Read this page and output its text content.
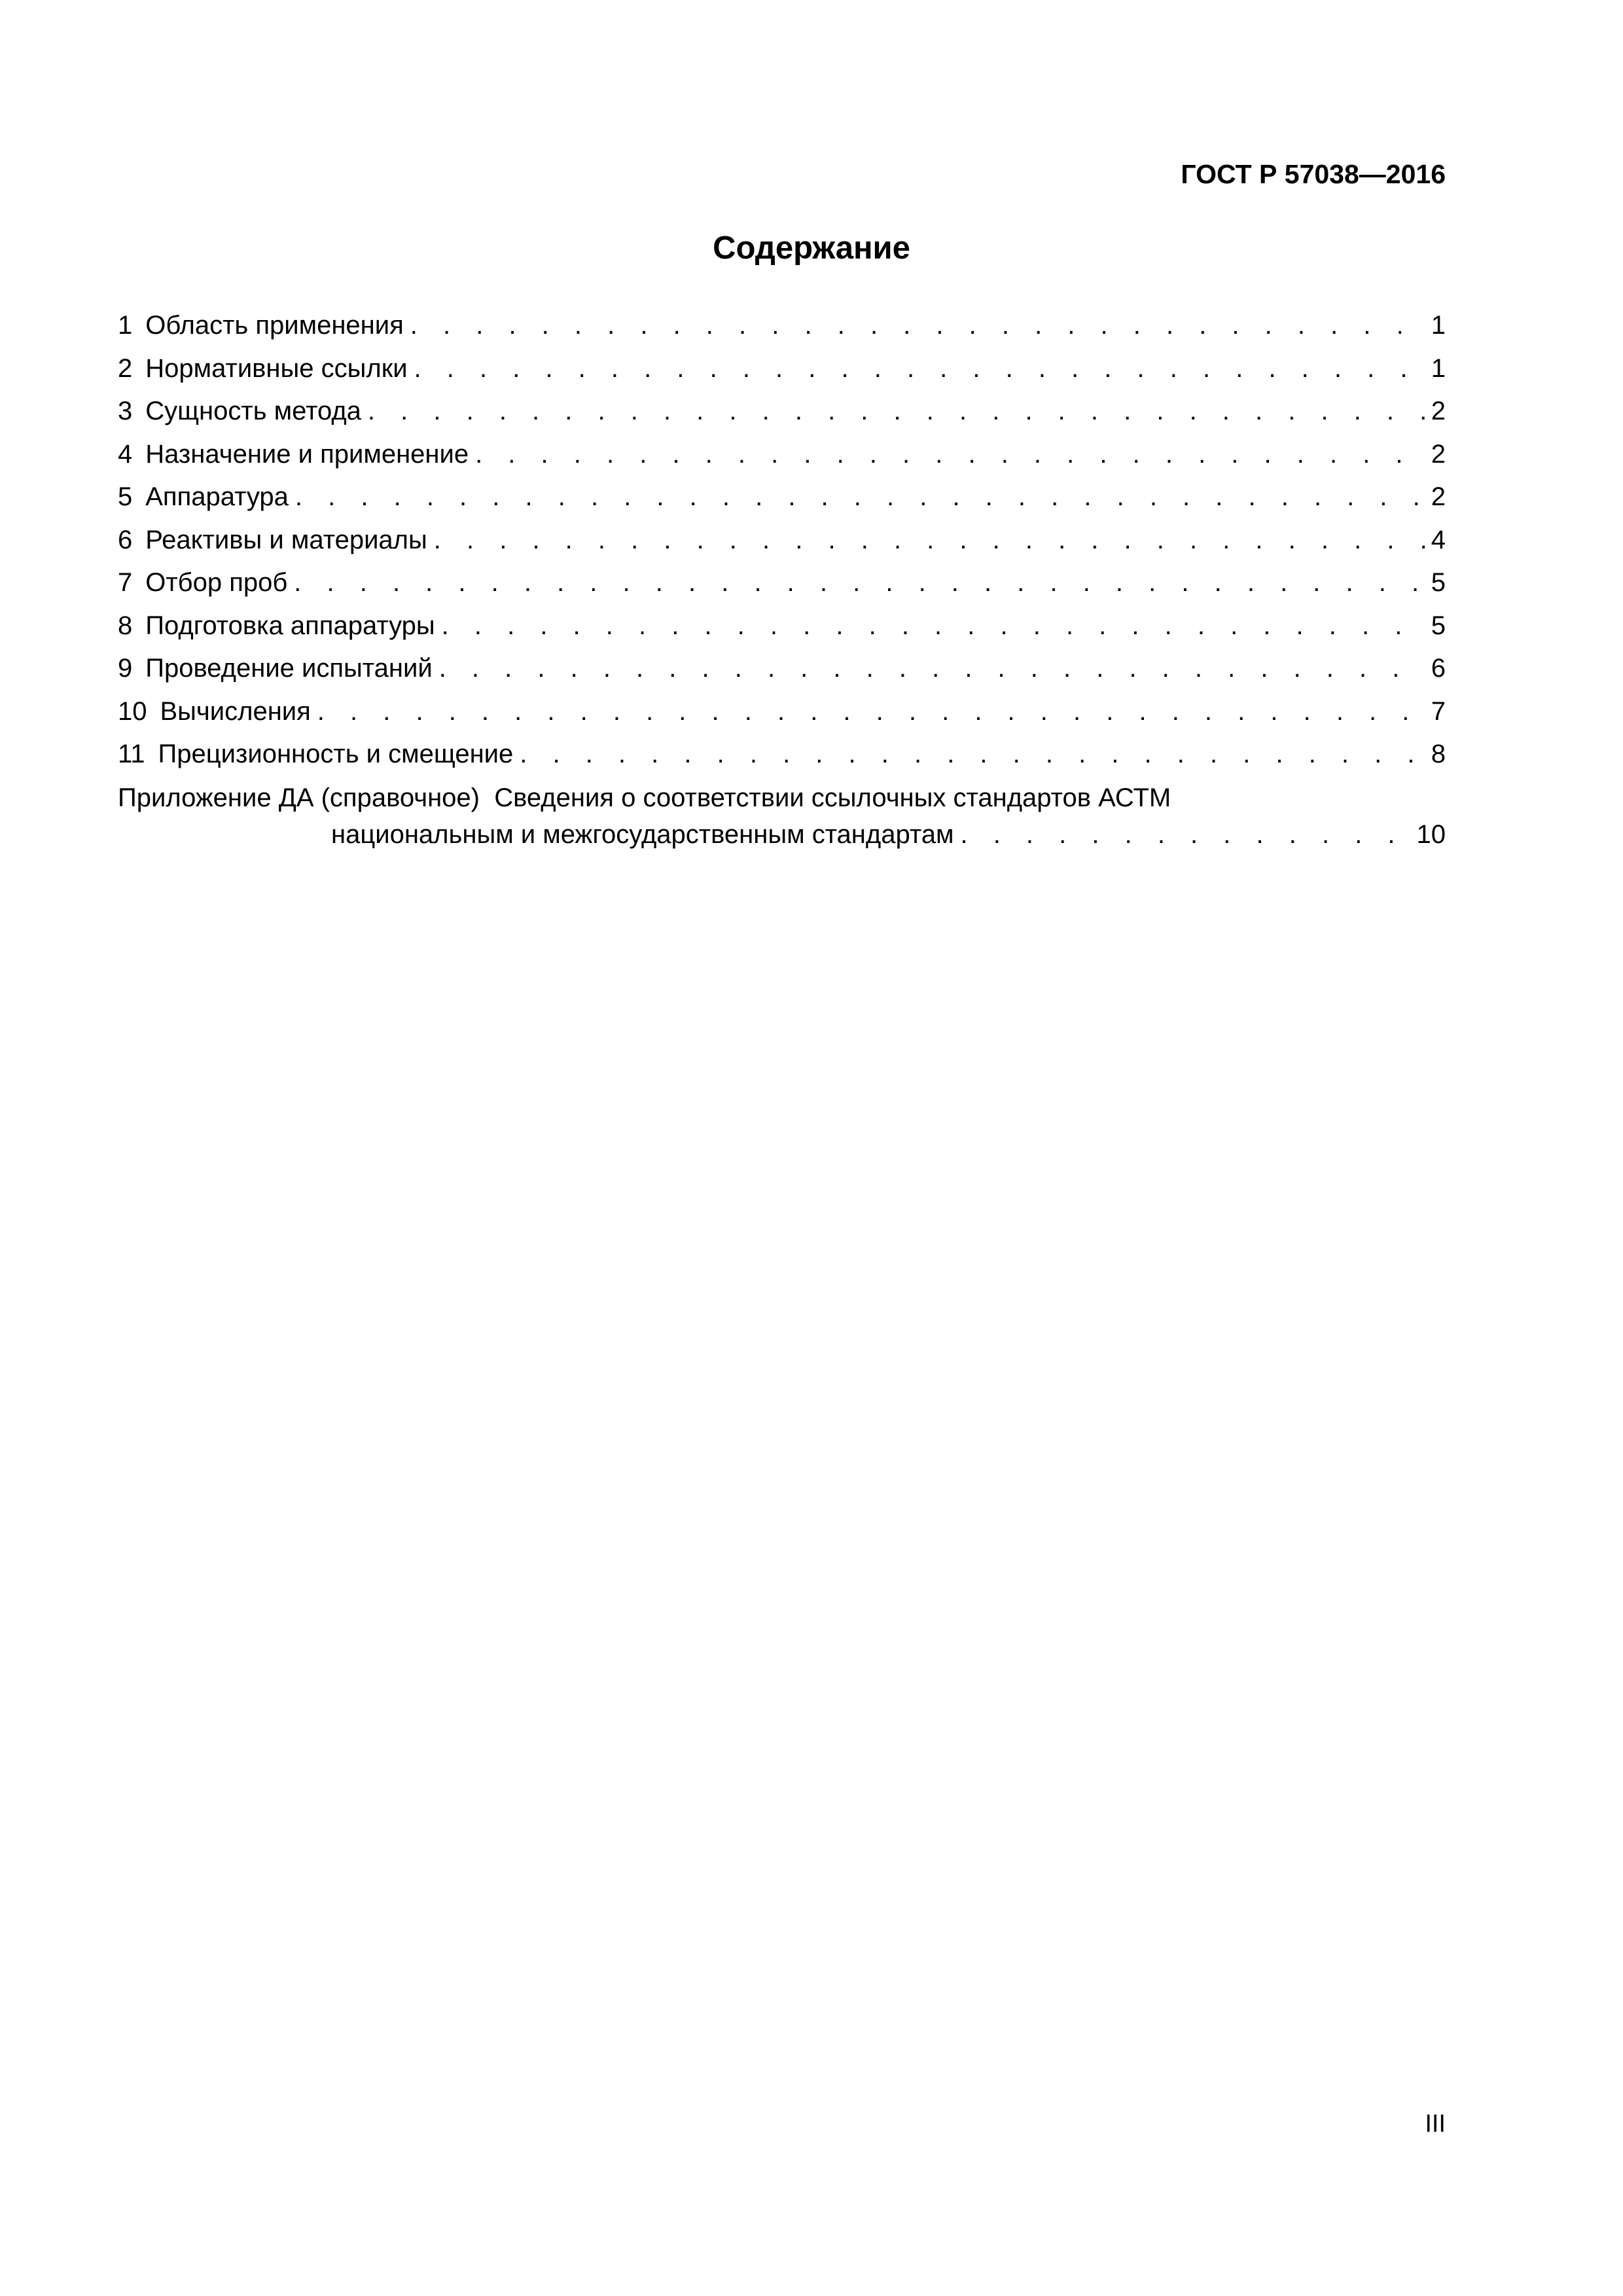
ГОСТ Р 57038—2016
Содержание
1 Область применения . . .	1
2 Нормативные ссылки . . .	1
3 Сущность метода . . .	2
4 Назначение и применение . . .	2
5 Аппаратура . . .	2
6 Реактивы и материалы . . .	4
7 Отбор проб . . .	5
8 Подготовка аппаратуры . . .	5
9 Проведение испытаний . . .	6
10 Вычисления . . .	7
11 Прецизионность и смещение . . .	8
Приложение ДА (справочное) Сведения о соответствии ссылочных стандартов АСТМ
национальным и межгосударственным стандартам . . .	10
III
